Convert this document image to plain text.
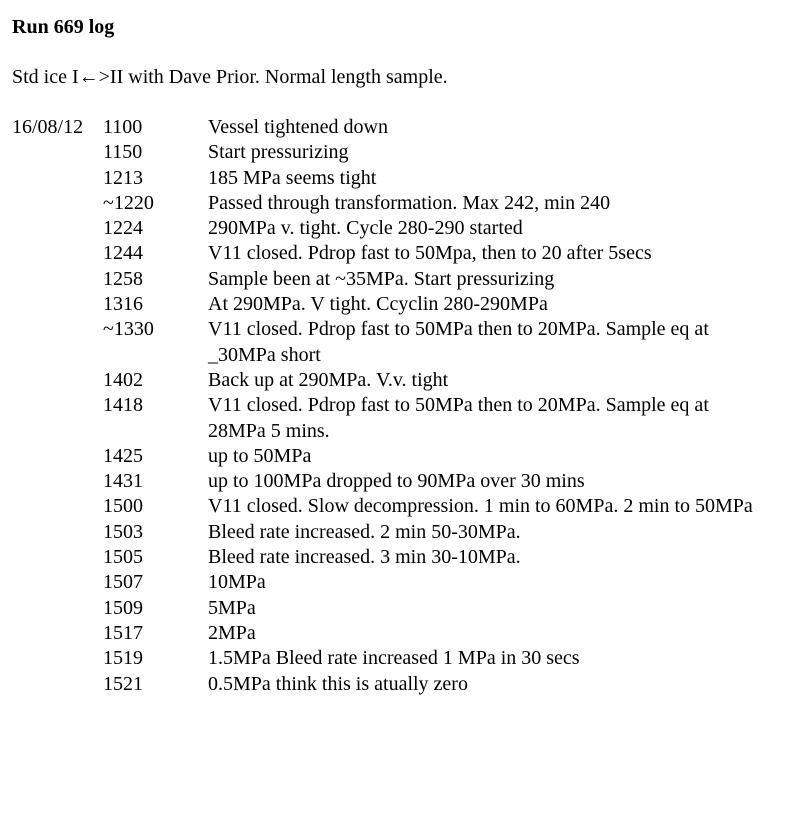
Run 669 log

Std ice I←>II with Dave Prior. Normal length sample.

16/08/12 1100	Vessel tightened down
1150	Start pressurizing
1213	185 MPa seems tight
~1220	Passed through transformation. Max 242, min 240
1224	290MPa v. tight. Cycle 280-290 started
1244	V11 closed. Pdrop fast to 50Mpa, then to 20 after 5secs
1258	Sample been at ~35MPa. Start pressurizing
1316	At 290MPa. V tight. Ccyclin 280-290MPa
~1330	V11 closed. Pdrop fast to 50MPa then to 20MPa. Sample eq at _30MPa short
1402	Back up at 290MPa. V.v. tight
1418	V11 closed. Pdrop fast to 50MPa then to 20MPa. Sample eq at 28MPa 5 mins.
1425	up to 50MPa
1431	up to 100MPa dropped to 90MPa over 30 mins
1500	V11 closed. Slow decompression. 1 min to 60MPa. 2 min to 50MPa
1503	Bleed rate increased. 2 min 50-30MPa.
1505	Bleed rate increased. 3 min 30-10MPa.
1507	10MPa
1509	5MPa
1517	2MPa
1519	1.5MPa Bleed rate increased 1 MPa in 30 secs
1521	0.5MPa think this is atually zero
